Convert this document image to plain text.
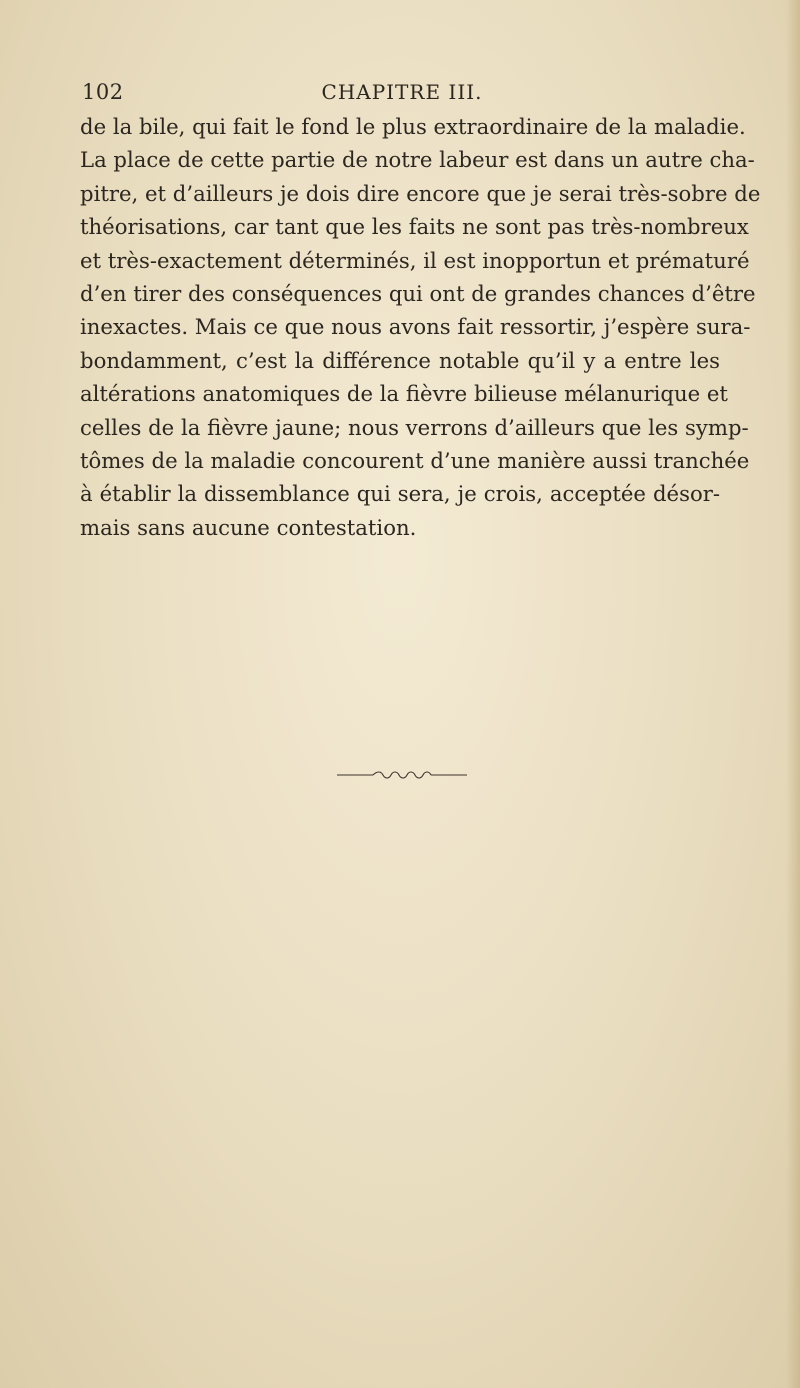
102	CHAPITRE III.
de la bile, qui fait le fond le plus extraordinaire de la maladie.
La place de cette partie de notre labeur est dans un autre cha-
pitre, et d’ailleurs je dois dire encore que je serai très-sobre de
théorisations, car tant que les faits ne sont pas très-nombreux
et très-exactement déterminés, il est inopportun et prématuré
d’en tirer des conséquences qui ont de grandes chances d’être
inexactes. Mais ce que nous avons fait ressortir, j’espère sura-
bondamment, c’est la différence notable qu’il y a entre les
altérations anatomiques de la fièvre bilieuse mélanurique et
celles de la fièvre jaune; nous verrons d’ailleurs que les symp-
tômes de la maladie concourent d’une manière aussi tranchée
à établir la dissemblance qui sera, je crois, acceptée désor-
mais sans aucune contestation.
